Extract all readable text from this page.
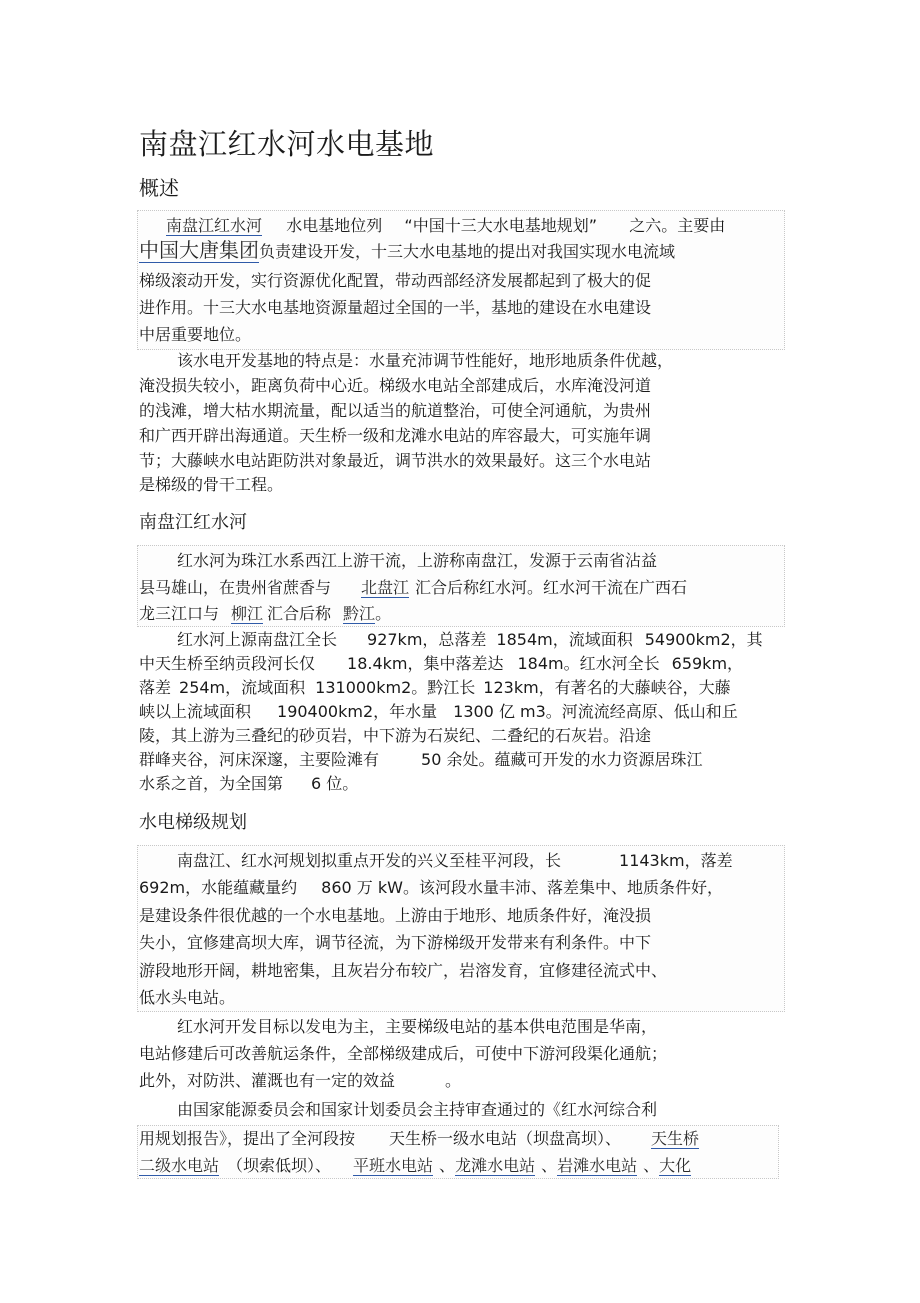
南盘江红水河水电基地
概述
南盘江红水河 水电基地位列 “中国十三大水电基地规划” 之六。主要由
中国大唐集团负责建设开发，十三大水电基地的提出对我国实现水电流域
梯级滚动开发，实行资源优化配置，带动西部经济发展都起到了极大的促
进作用。十三大水电基地资源量超过全国的一半，基地的建设在水电建设
中居重要地位。
该水电开发基地的特点是：水量充沛调节性能好，地形地质条件优越，
淹没损失较小，距离负荷中心近。梯级水电站全部建成后，水库淹没河道
的浅滩，增大枯水期流量，配以适当的航道整治，可使全河通航，为贵州
和广西开辟出海通道。天生桥一级和龙滩水电站的库容最大，可实施年调
节；大藤峡水电站距防洪对象最近，调节洪水的效果最好。这三个水电站
是梯级的骨干工程。
南盘江红水河
红水河为珠江水系西江上游干流，上游称南盘江，发源于云南省沾益
县马雄山，在贵州省蔗香与 北盘江 汇合后称红水河。红水河干流在广西石
龙三江口与 柳江 汇合后称 黔江。
红水河上源南盘江全长 927km，总落差 1854m，流域面积 54900km2，其
中天生桥至纳贡段河长仅 18.4km，集中落差达 184m。红水河全长 659km，
落差 254m，流域面积 131000km2。黔江长 123km，有著名的大藤峡谷，大藤
峡以上流域面积 190400km2，年水量 1300 亿 m3。河流流经高原、低山和丘
陵，其上游为三叠纪的砂页岩，中下游为石炭纪、二叠纪的石灰岩。沿途
群峰夹谷，河床深邃，主要险滩有	50 余处。蕴藏可开发的水力资源居珠江
水系之首，为全国第 6 位。
水电梯级规划
南盘江、红水河规划拟重点开发的兴义至桂平河段，长	1143km，落差
692m，水能蕴藏量约 860 万 kW。该河段水量丰沛、落差集中、地质条件好，
是建设条件很优越的一个水电基地。上游由于地形、地质条件好，淹没损
失小，宜修建高坝大库，调节径流，为下游梯级开发带来有利条件。中下
游段地形开阔，耕地密集，且灰岩分布较广，岩溶发育，宜修建径流式中、
低水头电站。
红水河开发目标以发电为主，主要梯级电站的基本供电范围是华南，
电站修建后可改善航运条件，全部梯级建成后，可使中下游河段渠化通航；
此外，对防洪、灌溉也有一定的效益	。
由国家能源委员会和国家计划委员会主持审查通过的《红水河综合利
用规划报告》，提出了全河段按 天生桥一级水电站（坝盘高坝）、 天生桥
二级水电站 （坝索低坝）、 平班水电站 、龙滩水电站 、岩滩水电站 、大化
